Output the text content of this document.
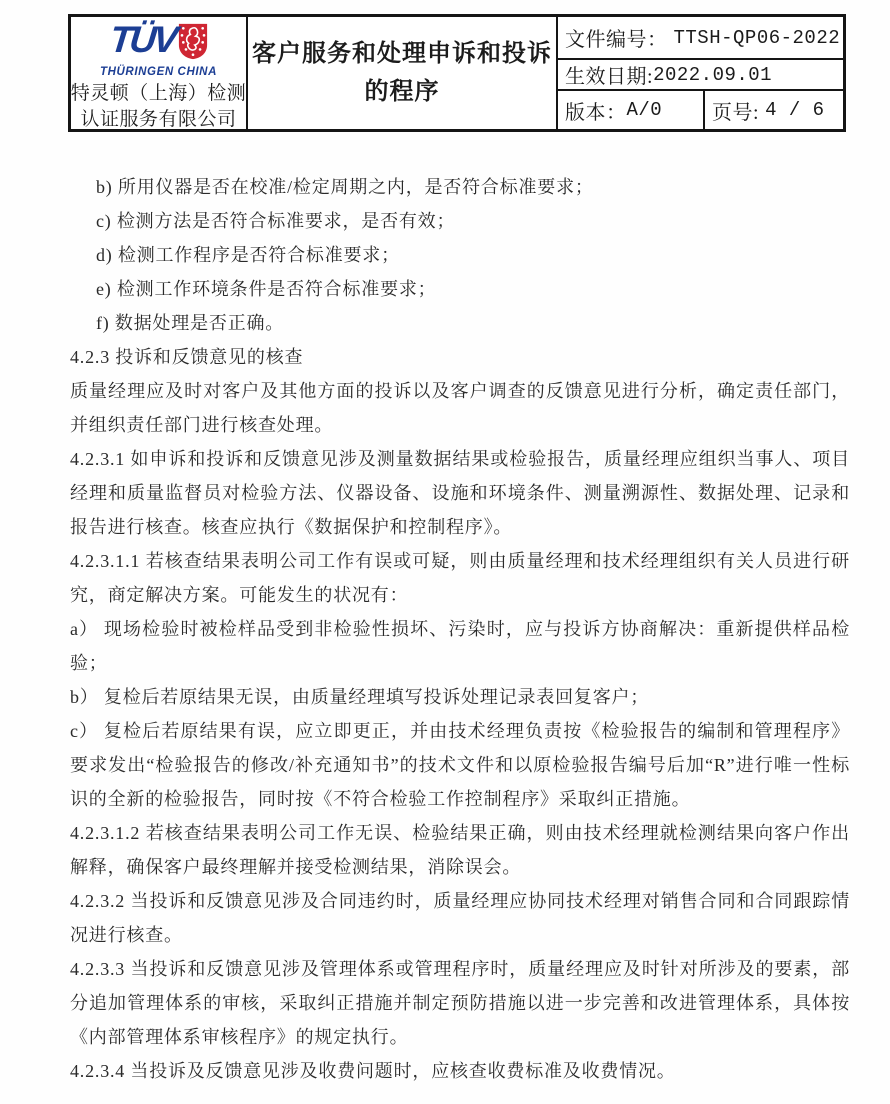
TÜV
THÜRINGEN CHINA
特灵顿（上海）检测
认证服务有限公司
客户服务和处理申诉和投诉
的程序
文件编号： TTSH-QP06-2022
生效日期: 2022.09.01
版本： A/0 页号: 4 / 6
b) 所用仪器是否在校准/检定周期之内，是否符合标准要求；
c) 检测方法是否符合标准要求，是否有效；
d) 检测工作程序是否符合标准要求；
e) 检测工作环境条件是否符合标准要求；
f) 数据处理是否正确。
4.2.3 投诉和反馈意见的核查
质量经理应及时对客户及其他方面的投诉以及客户调查的反馈意见进行分析，确定责任部门，并组织责任部门进行核查处理。
4.2.3.1 如申诉和投诉和反馈意见涉及测量数据结果或检验报告，质量经理应组织当事人、项目经理和质量监督员对检验方法、仪器设备、设施和环境条件、测量溯源性、数据处理、记录和报告进行核查。核查应执行《数据保护和控制程序》。
4.2.3.1.1 若核查结果表明公司工作有误或可疑，则由质量经理和技术经理组织有关人员进行研究，商定解决方案。可能发生的状况有：
a） 现场检验时被检样品受到非检验性损坏、污染时，应与投诉方协商解决：重新提供样品检验；
b） 复检后若原结果无误，由质量经理填写投诉处理记录表回复客户；
c） 复检后若原结果有误，应立即更正，并由技术经理负责按《检验报告的编制和管理程序》要求发出“检验报告的修改/补充通知书”的技术文件和以原检验报告编号后加“R”进行唯一性标识的全新的检验报告，同时按《不符合检验工作控制程序》采取纠正措施。
4.2.3.1.2 若核查结果表明公司工作无误、检验结果正确，则由技术经理就检测结果向客户作出解释，确保客户最终理解并接受检测结果，消除误会。
4.2.3.2 当投诉和反馈意见涉及合同违约时，质量经理应协同技术经理对销售合同和合同跟踪情况进行核查。
4.2.3.3 当投诉和反馈意见涉及管理体系或管理程序时，质量经理应及时针对所涉及的要素，部分追加管理体系的审核，采取纠正措施并制定预防措施以进一步完善和改进管理体系，具体按《内部管理体系审核程序》的规定执行。
4.2.3.4 当投诉及反馈意见涉及收费问题时，应核查收费标准及收费情况。
